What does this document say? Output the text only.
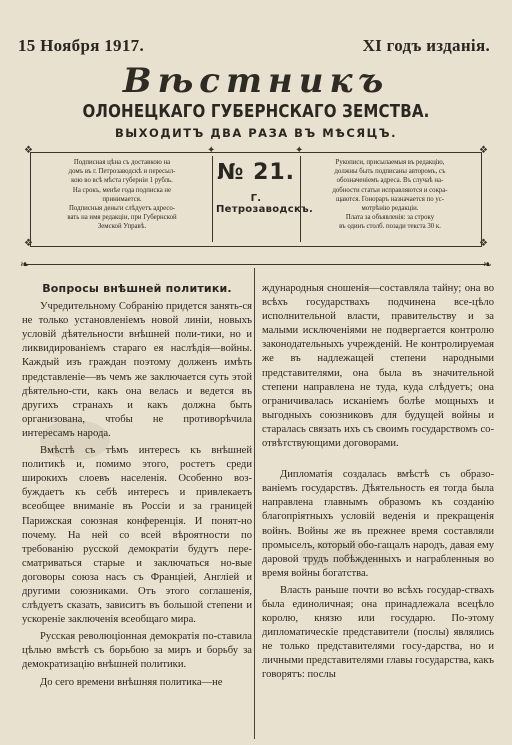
15 Ноября 1917.	XI годъ изданія.
Вѣстникъ
ОЛОНЕЦКАГО ГУБЕРНСКАГО ЗЕМСТВА.
ВЫХОДИТЪ ДВА РАЗА ВЪ МѢСЯЦЪ.
❖	❖
❖	❖
✦	✦
Подписная цѣна съ доставкою на
домъ въ г. Петрозаводскѣ и пересыл-
кою во всѣ мѣста губерніи 1 рубль.
На срокъ, менѣе года подписка не
принимается.
Подписныя деньги слѣдуетъ адресо-
вать на имя редакціи, при Губернской
Земской Управѣ.
№ 21.
Г. Петрозаводскъ.
Рукописи, присылаемыя въ редакцію,
должны быть подписаны авторомъ, съ
обозначеніемъ адреса. Въ случаѣ на-
добности статьи исправляются и сокра-
щаются. Гонораръ назначается по ус-
мотрѣнію редакціи.
Плата за объявленія: за строку
въ одинъ столб. позади текста 30 к.
❧	❧
Вопросы внѣшней политики.

Учредительному Собранію придется занять-ся не только установленіемъ новой линіи, новыхъ условій дѣятельности внѣшней поли-тики, но и ликвидированіемъ стараго ея наслѣдія—войны. Каждый изъ граждан поэтому долженъ имѣть представленіе—въ чемъ же заключается суть этой дѣятельно-сти, какъ она велась и ведется въ другихъ странахъ и какъ должна быть организована, чтобы не противорѣчила интересамъ народа.

Вмѣстѣ съ тѣмъ интересъ къ внѣшней политикѣ и, помимо этого, ростетъ среди широкихъ слоевъ населенія. Особенно воз-буждаетъ къ себѣ интересъ и привлекаетъ всеобщее вниманіе въ Россіи и за границей Парижская союзная конференція. И понят-но почему. На ней со всей вѣроятности по требованію русской демократіи будутъ пере-сматриваться старые и заключаться но-вые договоры союза насъ съ Франціей, Англіей и другими союзниками. Отъ этого соглашенія, слѣдуетъ сказать, зависитъ въ большой степени и ускореніе заключенія всеобщаго мира.

Русская революціонная демократія по-ставила цѣлью вмѣстѣ съ борьбою за миръ и борьбу за демократизацію внѣшней политики.

До сего времени внѣшняя политика—не

ждународныя сношенія—составляла тайну; она во всѣхъ государствахъ подчинена все-цѣло исполнительной власти, правительству и за малыми исключеніями не подвергается контролю законодательныхъ учрежденій. Не контролируемая же въ надлежащей степени народными представителями, она была въ значительной степени направлена не туда, куда слѣдуетъ; она ограничивалась исканіемъ болѣе мощныхъ и выгодныхъ союзниковъ для будущей войны и старалась связать ихъ съ своимъ государствомъ со-отвѣтствующими договорами.

Дипломатія создалась вмѣстѣ съ образо-ваніемъ государствъ. Дѣятельность ея тогда была направлена главнымъ образомъ къ созданію благопріятныхъ условій веденія и прекращенія войнъ. Войны же въ прежнее время составляли промыселъ, который обо-гащалъ народъ, давая ему даровой трудъ побѣжденныхъ и награбленныя во время войны богатства.

Власть раньше почти во всѣхъ государ-ствахъ была единоличная; она принадлежала всецѣло королю, князю или государю. По-этому дипломатическіе представители (послы) являлись не только представителями госу-дарства, но и личными представителями главы государства, какъ говорятъ: послы
